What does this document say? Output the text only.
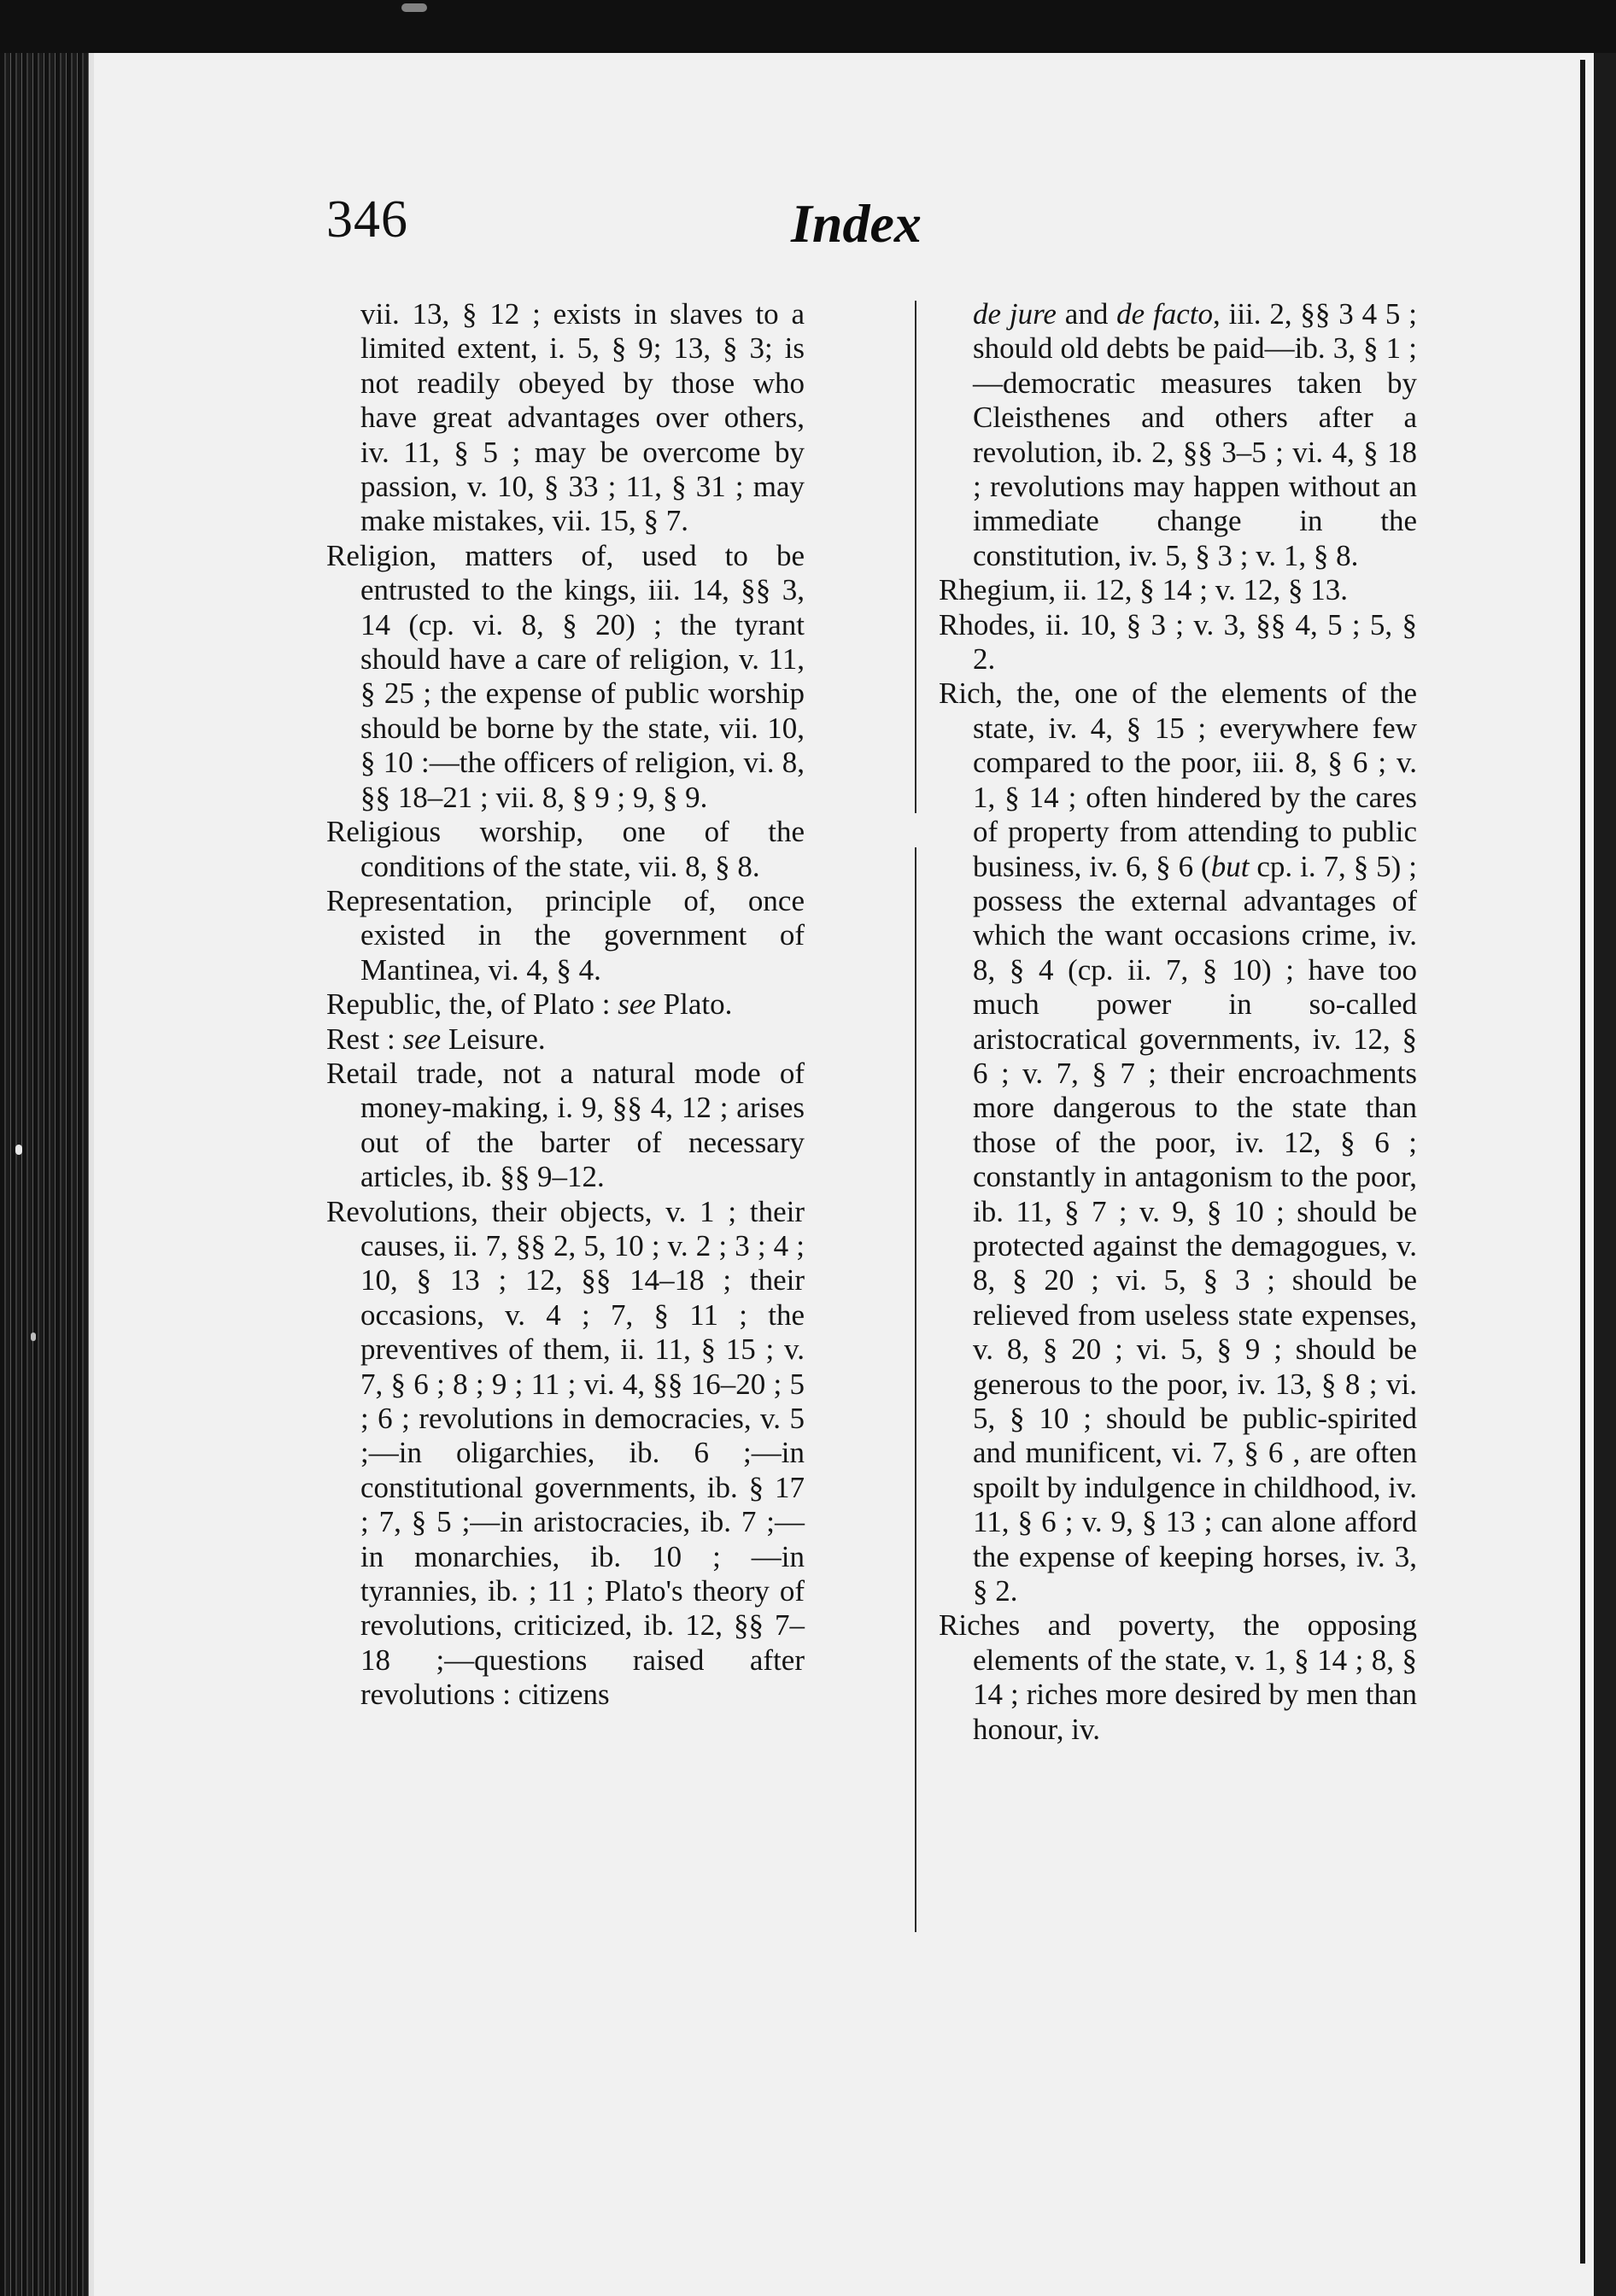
346	Index

vii. 13, § 12 ; exists in slaves to a limited extent, i. 5, § 9; 13, § 3; is not readily obeyed by those who have great advantages over others, iv. 11, § 5 ; may be overcome by passion, v. 10, § 33 ; 11, § 31 ; may make mistakes, vii. 15, § 7.

Religion, matters of, used to be entrusted to the kings, iii. 14, §§ 3, 14 (cp. vi. 8, § 20) ; the tyrant should have a care of religion, v. 11, § 25 ; the expense of public worship should be borne by the state, vii. 10, § 10 :—the officers of religion, vi. 8, §§ 18–21 ; vii. 8, § 9 ; 9, § 9.

Religious worship, one of the conditions of the state, vii. 8, § 8.

Representation, principle of, once existed in the government of Mantinea, vi. 4, § 4.

Republic, the, of Plato : see Plato.

Rest : see Leisure.

Retail trade, not a natural mode of money-making, i. 9, §§ 4, 12 ; arises out of the barter of necessary articles, ib. §§ 9–12.

Revolutions, their objects, v. 1 ; their causes, ii. 7, §§ 2, 5, 10 ; v. 2 ; 3 ; 4 ; 10, § 13 ; 12, §§ 14–18 ; their occasions, v. 4 ; 7, § 11 ; the preventives of them, ii. 11, § 15 ; v. 7, § 6 ; 8 ; 9 ; 11 ; vi. 4, §§ 16–20 ; 5 ; 6 ; revolutions in democracies, v. 5 ;—in oligarchies, ib. 6 ;—in constitutional governments, ib. § 17 ; 7, § 5 ;—in aristocracies, ib. 7 ;—in monarchies, ib. 10 ; —in tyrannies, ib. ; 11 ; Plato's theory of revolutions, criticized, ib. 12, §§ 7–18 ;—questions raised after revolutions : citizens

de jure and de facto, iii. 2, §§ 3 4 5 ; should old debts be paid—ib. 3, § 1 ;—democratic measures taken by Cleisthenes and others after a revolution, ib. 2, §§ 3–5 ; vi. 4, § 18 ; revolutions may happen without an immediate change in the constitution, iv. 5, § 3 ; v. 1, § 8.

Rhegium, ii. 12, § 14 ; v. 12, § 13.

Rhodes, ii. 10, § 3 ; v. 3, §§ 4, 5 ; 5, § 2.

Rich, the, one of the elements of the state, iv. 4, § 15 ; everywhere few compared to the poor, iii. 8, § 6 ; v. 1, § 14 ; often hindered by the cares of property from attending to public business, iv. 6, § 6 (but cp. i. 7, § 5) ; possess the external advantages of which the want occasions crime, iv. 8, § 4 (cp. ii. 7, § 10) ; have too much power in so-called aristocratical governments, iv. 12, § 6 ; v. 7, § 7 ; their encroachments more dangerous to the state than those of the poor, iv. 12, § 6 ; constantly in antagonism to the poor, ib. 11, § 7 ; v. 9, § 10 ; should be protected against the demagogues, v. 8, § 20 ; vi. 5, § 3 ; should be relieved from useless state expenses, v. 8, § 20 ; vi. 5, § 9 ; should be generous to the poor, iv. 13, § 8 ; vi. 5, § 10 ; should be public-spirited and munificent, vi. 7, § 6 , are often spoilt by indulgence in childhood, iv. 11, § 6 ; v. 9, § 13 ; can alone afford the expense of keeping horses, iv. 3, § 2.

Riches and poverty, the opposing elements of the state, v. 1, § 14 ; 8, § 14 ; riches more desired by men than honour, iv.
